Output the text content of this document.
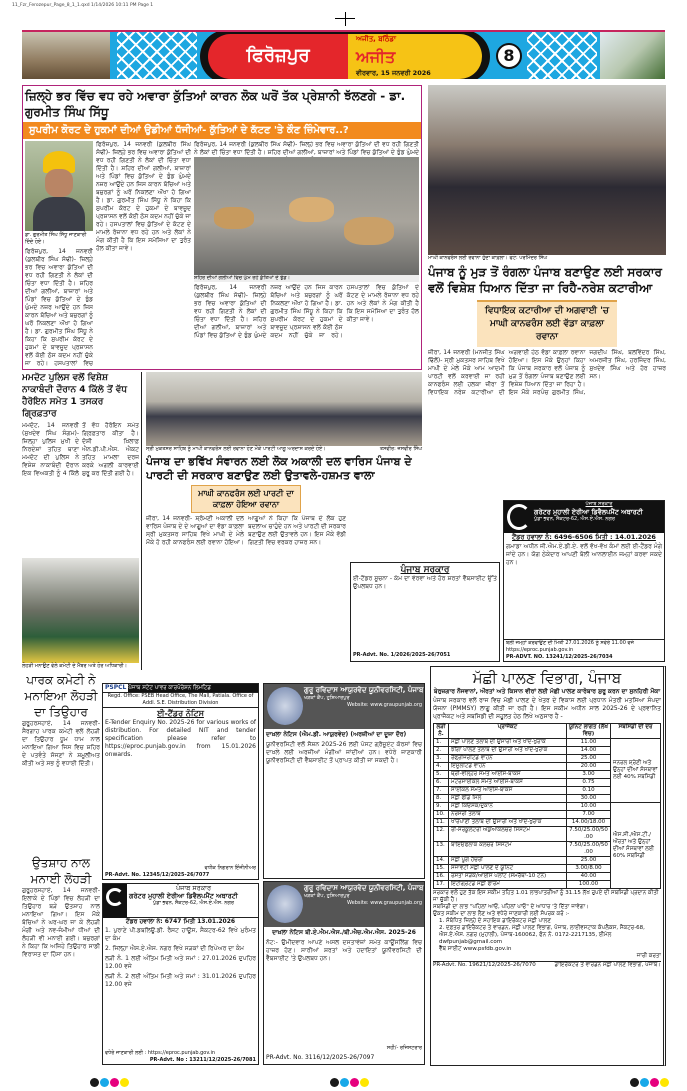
11_Fzr_Ferozepur_Page_8_1_1.qxd 1/14/2026 10:11 PM Page 1
ਫਿਰੋਜ਼ਪੁਰ
ਅਜੀਤ, ਬਠਿੰਡਾ
ਅਜੀਤ
ਵੀਰਵਾਰ, 15 ਜਨਵਰੀ 2026
8
ਜ਼ਿਲ੍ਹੇ ਭਰ ਵਿੱਚ ਵਧ ਰਹੇ ਅਵਾਰਾ ਕੁੱਤਿਆਂ ਕਾਰਨ ਲੋਕ ਘਰੋਂ ਤੱਕ ਪ੍ਰੇਸ਼ਾਨੀ ਝੱਲਣਗੇ - ਡਾ. ਗੁਰਮੀਤ ਸਿੰਘ ਸਿੱਧੂ
ਸੁਪਰੀਮ ਕੋਰਟ ਦੇ ਹੁਕਮਾਂ ਦੀਆਂ ਉਡੀਆਂ ਧੱਜੀਆਂ- ਕੁੱਤਿਆਂ ਦੇ ਕੱਟਣ 'ਤੇ ਕੌਣ ਜ਼ਿੰਮੇਵਾਰ..?
ਡਾ. ਗੁਰਮੀਤ ਸਿੰਘ ਸਿੱਧੂ ਜਾਣਕਾਰੀ ਦਿੰਦੇ ਹੋਏ।
ਫਿਰੋਜ਼ਪੁਰ, 14 ਜਨਵਰੀ (ਕੁਲਬੀਰ ਸਿੰਘ ਸੋਢੀ)- ਜ਼ਿਲ੍ਹੇ ਭਰ ਵਿਚ ਅਵਾਰਾ ਕੁੱਤਿਆਂ ਦੀ ਵਧ ਰਹੀ ਗਿਣਤੀ ਨੇ ਲੋਕਾਂ ਦੀ ਚਿੰਤਾ ਵਧਾ ਦਿੱਤੀ ਹੈ। ਸ਼ਹਿਰ ਦੀਆਂ ਗਲੀਆਂ, ਬਾਜ਼ਾਰਾਂ ਅਤੇ ਪਿੰਡਾਂ ਵਿਚ ਕੁੱਤਿਆਂ ਦੇ ਝੁੰਡ ਘੁੰਮਦੇ ਨਜ਼ਰ ਆਉਂਦੇ ਹਨ ਜਿਸ ਕਾਰਨ ਬੱਚਿਆਂ ਅਤੇ ਬਜ਼ੁਰਗਾਂ ਨੂੰ ਘਰੋਂ ਨਿਕਲਣਾ ਔਖਾ ਹੋ ਗਿਆ ਹੈ। ਡਾ. ਗੁਰਮੀਤ ਸਿੰਘ ਸਿੱਧੂ ਨੇ ਕਿਹਾ ਕਿ ਸੁਪਰੀਮ ਕੋਰਟ ਦੇ ਹੁਕਮਾਂ ਦੇ ਬਾਵਜੂਦ ਪ੍ਰਸ਼ਾਸਨ ਵਲੋਂ ਕੋਈ ਠੋਸ ਕਦਮ ਨਹੀਂ ਚੁੱਕੇ ਜਾ ਰਹੇ। ਹਸਪਤਾਲਾਂ ਵਿਚ
ਫਿਰੋਜ਼ਪੁਰ, 14 ਜਨਵਰੀ (ਕੁਲਬੀਰ ਸਿੰਘ ਸੋਢੀ)- ਜ਼ਿਲ੍ਹੇ ਭਰ ਵਿਚ ਅਵਾਰਾ ਕੁੱਤਿਆਂ ਦੀ ਵਧ ਰਹੀ ਗਿਣਤੀ ਨੇ ਲੋਕਾਂ ਦੀ ਚਿੰਤਾ ਵਧਾ ਦਿੱਤੀ ਹੈ। ਸ਼ਹਿਰ ਦੀਆਂ ਗਲੀਆਂ, ਬਾਜ਼ਾਰਾਂ ਅਤੇ ਪਿੰਡਾਂ ਵਿਚ ਕੁੱਤਿਆਂ ਦੇ ਝੁੰਡ ਘੁੰਮਦੇ ਨਜ਼ਰ ਆਉਂਦੇ ਹਨ ਜਿਸ ਕਾਰਨ ਬੱਚਿਆਂ ਅਤੇ ਬਜ਼ੁਰਗਾਂ ਨੂੰ ਘਰੋਂ ਨਿਕਲਣਾ ਔਖਾ ਹੋ ਗਿਆ ਹੈ। ਡਾ. ਗੁਰਮੀਤ ਸਿੰਘ ਸਿੱਧੂ ਨੇ ਕਿਹਾ ਕਿ ਸੁਪਰੀਮ ਕੋਰਟ ਦੇ ਹੁਕਮਾਂ ਦੇ ਬਾਵਜੂਦ ਪ੍ਰਸ਼ਾਸਨ ਵਲੋਂ ਕੋਈ ਠੋਸ ਕਦਮ ਨਹੀਂ ਚੁੱਕੇ ਜਾ ਰਹੇ। ਹਸਪਤਾਲਾਂ ਵਿਚ ਕੁੱਤਿਆਂ ਦੇ ਕੱਟਣ ਦੇ ਮਾਮਲੇ ਰੋਜ਼ਾਨਾ ਵਧ ਰਹੇ ਹਨ ਅਤੇ ਲੋਕਾਂ ਨੇ ਮੰਗ ਕੀਤੀ ਹੈ ਕਿ ਇਸ ਸਮੱਸਿਆ ਦਾ ਤੁਰੰਤ ਹੱਲ ਕੀਤਾ ਜਾਵੇ।
ਫਿਰੋਜ਼ਪੁਰ, 14 ਜਨਵਰੀ (ਕੁਲਬੀਰ ਸਿੰਘ ਸੋਢੀ)- ਜ਼ਿਲ੍ਹੇ ਭਰ ਵਿਚ ਅਵਾਰਾ ਕੁੱਤਿਆਂ ਦੀ ਵਧ ਰਹੀ ਗਿਣਤੀ ਨੇ ਲੋਕਾਂ ਦੀ ਚਿੰਤਾ ਵਧਾ ਦਿੱਤੀ ਹੈ। ਸ਼ਹਿਰ ਦੀਆਂ ਗਲੀਆਂ, ਬਾਜ਼ਾਰਾਂ ਅਤੇ ਪਿੰਡਾਂ ਵਿਚ ਕੁੱਤਿਆਂ ਦੇ ਝੁੰਡ ਘੁੰਮਦੇ
ਸ਼ਹਿਰ ਦੀਆਂ ਗਲੀਆਂ ਵਿਚ ਘੁੰਮ ਰਹੇ ਕੁੱਤਿਆਂ ਦੇ ਝੁੰਡ।
ਫਿਰੋਜ਼ਪੁਰ, 14 ਜਨਵਰੀ (ਕੁਲਬੀਰ ਸਿੰਘ ਸੋਢੀ)- ਜ਼ਿਲ੍ਹੇ ਭਰ ਵਿਚ ਅਵਾਰਾ ਕੁੱਤਿਆਂ ਦੀ ਵਧ ਰਹੀ ਗਿਣਤੀ ਨੇ ਲੋਕਾਂ ਦੀ ਚਿੰਤਾ ਵਧਾ ਦਿੱਤੀ ਹੈ। ਸ਼ਹਿਰ ਦੀਆਂ ਗਲੀਆਂ, ਬਾਜ਼ਾਰਾਂ ਅਤੇ ਪਿੰਡਾਂ ਵਿਚ ਕੁੱਤਿਆਂ ਦੇ ਝੁੰਡ ਘੁੰਮਦੇ ਨਜ਼ਰ ਆਉਂਦੇ ਹਨ ਜਿਸ ਕਾਰਨ ਬੱਚਿਆਂ ਅਤੇ ਬਜ਼ੁਰਗਾਂ ਨੂੰ ਘਰੋਂ ਨਿਕਲਣਾ ਔਖਾ ਹੋ ਗਿਆ ਹੈ। ਡਾ. ਗੁਰਮੀਤ ਸਿੰਘ ਸਿੱਧੂ ਨੇ ਕਿਹਾ ਕਿ ਸੁਪਰੀਮ ਕੋਰਟ ਦੇ ਹੁਕਮਾਂ ਦੇ ਬਾਵਜੂਦ ਪ੍ਰਸ਼ਾਸਨ ਵਲੋਂ ਕੋਈ ਠੋਸ ਕਦਮ ਨਹੀਂ ਚੁੱਕੇ ਜਾ ਰਹੇ। ਹਸਪਤਾਲਾਂ ਵਿਚ ਕੁੱਤਿਆਂ ਦੇ ਕੱਟਣ ਦੇ ਮਾਮਲੇ ਰੋਜ਼ਾਨਾ ਵਧ ਰਹੇ ਹਨ ਅਤੇ ਲੋਕਾਂ ਨੇ ਮੰਗ ਕੀਤੀ ਹੈ ਕਿ ਇਸ ਸਮੱਸਿਆ ਦਾ ਤੁਰੰਤ ਹੱਲ ਕੀਤਾ ਜਾਵੇ।
ਮਾਘੀ ਕਾਨਫਰੰਸ ਲਈ ਰਵਾਨਾ ਹੁੰਦਾ ਕਾਫ਼ਲਾ। ਫੋਟੋ: ਪਰਮਿੰਦਰ ਸਿੰਘ
ਪੰਜਾਬ ਨੂੰ ਮੁੜ ਤੋਂ ਰੰਗਲਾ ਪੰਜਾਬ ਬਣਾਉਣ ਲਈ ਸਰਕਾਰ ਵਲੋਂ ਵਿਸ਼ੇਸ਼ ਧਿਆਨ ਦਿੱਤਾ ਜਾ ਰਿਹੈ-ਨਰੇਸ਼ ਕਟਾਰੀਆ
ਵਿਧਾਇਕ ਕਟਾਰੀਆ ਦੀ ਅਗਵਾਈ 'ਚ ਮਾਘੀ ਕਾਨਫਰੰਸ ਲਈ ਵੱਡਾ ਕਾਫ਼ਲਾ ਰਵਾਨਾ
ਜ਼ੀਰਾ, 14 ਜਨਵਰੀ (ਮਨਜੀਤ ਸਿੰਘ ਢਿੱਲੋਂ)- ਸ੍ਰੀ ਮੁਕਤਸਰ ਸਾਹਿਬ ਵਿਖੇ ਮਾਘੀ ਦੇ ਮੇਲੇ ਮੌਕੇ ਆਮ ਆਦਮੀ ਪਾਰਟੀ ਵਲੋਂ ਕਰਵਾਈ ਜਾ ਰਹੀ ਕਾਨਫਰੰਸ ਲਈ ਹਲਕਾ ਜ਼ੀਰਾ ਤੋਂ ਵਿਧਾਇਕ ਨਰੇਸ਼ ਕਟਾਰੀਆ ਦੀ ਅਗਵਾਈ ਹੇਠ ਵੱਡਾ ਕਾਫ਼ਲਾ ਰਵਾਨਾ ਹੋਇਆ। ਇਸ ਮੌਕੇ ਉਨ੍ਹਾਂ ਕਿਹਾ ਕਿ ਪੰਜਾਬ ਸਰਕਾਰ ਵਲੋਂ ਪੰਜਾਬ ਨੂੰ ਮੁੜ ਤੋਂ ਰੰਗਲਾ ਪੰਜਾਬ ਬਣਾਉਣ ਲਈ ਵਿਸ਼ੇਸ਼ ਧਿਆਨ ਦਿੱਤਾ ਜਾ ਰਿਹਾ ਹੈ। ਇਸ ਮੌਕੇ ਸਰਪੰਚ ਗੁਰਮੀਤ ਸਿੰਘ, ਜਗਦੀਪ ਸਿੰਘ, ਬਲਵਿੰਦਰ ਸਿੰਘ, ਅਮਰਜੀਤ ਸਿੰਘ, ਹਰਜਿੰਦਰ ਸਿੰਘ, ਸੁਖਦੇਵ ਸਿੰਘ ਅਤੇ ਹੋਰ ਹਾਜ਼ਰ ਸਨ।
ਮਮਦੋਟ ਪੁਲਿਸ ਵਲੋਂ ਵਿਸ਼ੇਸ਼ ਨਾਕਾਬੰਦੀ ਦੌਰਾਨ 4 ਕਿੱਲੋ ਤੋਂ ਵੱਧ ਹੈਰੋਇਨ ਸਮੇਤ 1 ਤਸਕਰ ਗ੍ਰਿਫ਼ਤਾਰ
ਮਮਦੋਟ, 14 ਜਨਵਰੀ (ਸੁਖਦੇਵ ਸਿੰਘ ਸੰਗਮ)- ਜ਼ਿਲ੍ਹਾ ਪੁਲਿਸ ਮੁਖੀ ਦੇ ਨਿਰਦੇਸ਼ਾਂ ਤਹਿਤ ਥਾਣਾ ਮਮਦੋਟ ਦੀ ਪੁਲਿਸ ਨੇ ਵਿਸ਼ੇਸ਼ ਨਾਕਾਬੰਦੀ ਦੌਰਾਨ ਇਕ ਵਿਅਕਤੀ ਨੂੰ 4 ਕਿੱਲੋ ਤੋਂ ਵੱਧ ਹੈਰੋਇਨ ਸਮੇਤ ਗ੍ਰਿਫ਼ਤਾਰ ਕੀਤਾ ਹੈ। ਦੋਸ਼ੀ ਖ਼ਿਲਾਫ਼ ਐਨ.ਡੀ.ਪੀ.ਐਸ. ਐਕਟ ਤਹਿਤ ਮਾਮਲਾ ਦਰਜ ਕਰਕੇ ਅਗਲੀ ਕਾਰਵਾਈ ਸ਼ੁਰੂ ਕਰ ਦਿੱਤੀ ਗਈ ਹੈ।
ਲੋਹੜੀ ਮਨਾਉਣ ਵੇਲੇ ਕਮੇਟੀ ਦੇ ਮੈਂਬਰ ਅਤੇ ਹੋਰ ਅਧਿਕਾਰੀ।
ਸ੍ਰੀ ਮੁਕਤਸਰ ਸਾਹਿਬ ਨੂੰ ਮਾਘੀ ਕਾਨਫਰੰਸ ਲਈ ਰਵਾਨਾ ਹੋਣ ਮੌਕੇ ਪਾਰਟੀ ਆਗੂ ਅਰਦਾਸ ਕਰਦੇ ਹੋਏ।	ਤਸਵੀਰ: ਜਸਵੀਰ ਸਿੰਘ
ਪੰਜਾਬ ਦਾ ਭਵਿੱਖ ਸੰਵਾਰਨ ਲਈ ਲੋਕ ਅਕਾਲੀ ਦਲ ਵਾਰਿਸ ਪੰਜਾਬ ਦੇ ਪਾਰਟੀ ਦੀ ਸਰਕਾਰ ਬਣਾਉਣ ਲਈ ਉਤਾਵਲੇ-ਹਸ਼ਮਤ ਵਾਲਾ
ਮਾਘੀ ਕਾਨਫਰੰਸ ਲਈ ਪਾਰਟੀ ਦਾ ਕਾਫ਼ਲਾ ਹੋਇਆ ਰਵਾਨਾ
ਜ਼ੀਰਾ, 14 ਜਨਵਰੀ- ਸ਼੍ਰੋਮਣੀ ਅਕਾਲੀ ਦਲ ਵਾਰਿਸ ਪੰਜਾਬ ਦੇ ਦੇ ਆਗੂਆਂ ਦਾ ਵੱਡਾ ਕਾਫ਼ਲਾ ਸ੍ਰੀ ਮੁਕਤਸਰ ਸਾਹਿਬ ਵਿਖੇ ਮਾਘੀ ਦੇ ਮੇਲੇ ਮੌਕੇ ਹੋ ਰਹੀ ਕਾਨਫਰੰਸ ਲਈ ਰਵਾਨਾ ਹੋਇਆ। ਆਗੂਆਂ ਨੇ ਕਿਹਾ ਕਿ ਪੰਜਾਬ ਦੇ ਲੋਕ ਹੁਣ ਬਦਲਾਅ ਚਾਹੁੰਦੇ ਹਨ ਅਤੇ ਪਾਰਟੀ ਦੀ ਸਰਕਾਰ ਬਣਾਉਣ ਲਈ ਉਤਾਵਲੇ ਹਨ। ਇਸ ਮੌਕੇ ਵੱਡੀ ਗਿਣਤੀ ਵਿਚ ਵਰਕਰ ਹਾਜ਼ਰ ਸਨ।
ਪੰਜਾਬ ਸਰਕਾਰ
ਈ-ਟੈਂਡਰ ਸੂਚਨਾ - ਕੰਮ ਦਾ ਵੇਰਵਾ ਅਤੇ ਹੋਰ ਸ਼ਰਤਾਂ ਵੈੱਬਸਾਈਟ ਉੱਤੇ ਉਪਲਬਧ ਹਨ।
PR-Advt. No. 1/2026/2025-26/7051
ਪੰਜਾਬ ਸਰਕਾਰ
ਗਰੇਟਰ ਮੁਹਾਲੀ ਏਰੀਆ ਡਿਵੈਲਪਮੈਂਟ ਅਥਾਰਟੀ
ਪੁੱਡਾ ਭਵਨ, ਸੈਕਟਰ-62, ਐਸ.ਏ.ਐਸ. ਨਗਰ
ਟੈਂਡਰ ਹਵਾਲਾ ਨੰ: 6496-6506 ਮਿਤੀ : 14.01.2026
ਗਮਾਡਾ ਅਧੀਨ ਜੀ.ਐਮ.ਏ.ਡੀ.ਏ. ਵਲੋਂ ਵੱਖ-ਵੱਖ ਕੰਮਾਂ ਲਈ ਈ-ਟੈਂਡਰ ਮੰਗੇ ਜਾਂਦੇ ਹਨ। ਯੋਗ ਠੇਕੇਦਾਰ ਆਪਣੀ ਬੋਲੀ ਆਨਲਾਈਨ ਜਮ੍ਹਾਂ ਕਰਵਾ ਸਕਦੇ ਹਨ।
ਬੋਲੀ ਜਮ੍ਹਾਂ ਕਰਵਾਉਣ ਦੀ ਮਿਤੀ 27.01.2026 ਨੂੰ ਸਵੇਰੇ 11.00 ਵਜੇ
https://eproc.punjab.gov.in
PR-ADVT. NO. 13241/12/2025-26/7034
ਪਾਰਕ ਕਮੇਟੀ ਨੇ ਮਨਾਇਆ ਲੋਹੜੀ ਦਾ ਤਿਉਹਾਰ
ਗੁਰੂਹਰਸਹਾਏ, 14 ਜਨਵਰੀ- ਸੈਰਗਾਹ ਪਾਰਕ ਕਮੇਟੀ ਵਲੋਂ ਲੋਹੜੀ ਦਾ ਤਿਉਹਾਰ ਧੂਮ ਧਾਮ ਨਾਲ ਮਨਾਇਆ ਗਿਆ ਜਿਸ ਵਿਚ ਸ਼ਹਿਰ ਦੇ ਪਤਵੰਤੇ ਸੱਜਣਾਂ ਨੇ ਸ਼ਮੂਲੀਅਤ ਕੀਤੀ ਅਤੇ ਸਭ ਨੂੰ ਵਧਾਈ ਦਿੱਤੀ।
ਉਤਸ਼ਾਹ ਨਾਲ ਮਨਾਈ ਲੋਹੜੀ
ਗੁਰੂਹਰਸਹਾਏ, 14 ਜਨਵਰੀ- ਇਲਾਕੇ ਦੇ ਪਿੰਡਾਂ ਵਿਚ ਲੋਹੜੀ ਦਾ ਤਿਉਹਾਰ ਬੜੇ ਉਤਸ਼ਾਹ ਨਾਲ ਮਨਾਇਆ ਗਿਆ। ਇਸ ਮੌਕੇ ਬੱਚਿਆਂ ਨੇ ਘਰ-ਘਰ ਜਾ ਕੇ ਲੋਹੜੀ ਮੰਗੀ ਅਤੇ ਨਵ-ਜੰਮੀਆਂ ਧੀਆਂ ਦੀ ਲੋਹੜੀ ਵੀ ਮਨਾਈ ਗਈ। ਬਜ਼ੁਰਗਾਂ ਨੇ ਕਿਹਾ ਕਿ ਅਜਿਹੇ ਤਿਉਹਾਰ ਸਾਡੀ ਵਿਰਾਸਤ ਦਾ ਹਿੱਸਾ ਹਨ।
PSPCL ਪੰਜਾਬ ਸਟੇਟ ਪਾਵਰ ਕਾਰਪੋਰੇਸ਼ਨ ਲਿਮਟਿਡ
Regd. Office: PSEB Head Office, The Mall, Patiala. Office of Addl. S.E. Distribution Division
ਈ-ਟੈਂਡਰ ਨੋਟਿਸ
E-Tender Enquiry No. 2025-26 for various works of distribution. For detailed NIT and tender specification please refer to https://eproc.punjab.gov.in from 15.01.2026 onwards.
ਵਧੀਕ ਨਿਗਰਾਨ ਇੰਜੀਨੀਅਰ
PR-Advt. No. 12345/12/2025-26/7077
ਪੰਜਾਬ ਸਰਕਾਰ
ਗਰੇਟਰ ਮੁਹਾਲੀ ਏਰੀਆ ਡਿਵੈਲਪਮੈਂਟ ਅਥਾਰਟੀ
ਪੁੱਡਾ ਭਵਨ, ਸੈਕਟਰ-62, ਐਸ.ਏ.ਐਸ. ਨਗਰ
ਟੈਂਡਰ ਹਵਾਲਾ ਨੰ: 6747 ਮਿਤੀ 13.01.2026
1. ਪੁਰਾਣੇ ਪੀ.ਡਬਲਿਊ.ਡੀ. ਰੈਸਟ ਹਾਊਸ, ਸੈਕਟਰ-62 ਵਿਖੇ ਮੁਰੰਮਤ ਦਾ ਕੰਮ
2. ਜਿਲ੍ਹਾ ਐਸ.ਏ.ਐਸ. ਨਗਰ ਵਿਖੇ ਸੜਕਾਂ ਦੀ ਰਿਪੇਅਰ ਦਾ ਕੰਮ
ਲੜੀ ਨੰ. 1 ਲਈ ਅੰਤਿਮ ਮਿਤੀ ਅਤੇ ਸਮਾਂ : 27.01.2026 ਦੁਪਹਿਰ 12.00 ਵਜੇ
ਲੜੀ ਨੰ. 2 ਲਈ ਅੰਤਿਮ ਮਿਤੀ ਅਤੇ ਸਮਾਂ : 31.01.2026 ਦੁਪਹਿਰ 12.00 ਵਜੇ
ਵਧੇਰੇ ਜਾਣਕਾਰੀ ਲਈ : https://eproc.punjab.gov.in
PR-Advt. No : 13211/12/2025-26/7081
ਗੁਰੂ ਰਵਿਦਾਸ ਆਯੁਰਵੇਦ ਯੂਨੀਵਰਸਿਟੀ, ਪੰਜਾਬ
ਖੜਕਾਂ ਕੈਂਪ, ਹੁਸ਼ਿਆਰਪੁਰ
Website: www.graupunjab.org
ਦਾਖ਼ਲਾ ਨੋਟਿਸ (ਐਮ.ਡੀ. ਆਯੁਰਵੇਦ) (ਅਰਜ਼ੀਆਂ ਦਾ ਦੂਜਾ ਦੌਰ)
ਯੂਨੀਵਰਸਿਟੀ ਵਲੋਂ ਸੈਸ਼ਨ 2025-26 ਲਈ ਪੋਸਟ ਗ੍ਰੈਜੂਏਟ ਕੋਰਸਾਂ ਵਿਚ ਦਾਖ਼ਲੇ ਲਈ ਅਰਜ਼ੀਆਂ ਮੰਗੀਆਂ ਜਾਂਦੀਆਂ ਹਨ। ਵਧੇਰੇ ਜਾਣਕਾਰੀ ਯੂਨੀਵਰਸਿਟੀ ਦੀ ਵੈੱਬਸਾਈਟ ਤੋਂ ਪ੍ਰਾਪਤ ਕੀਤੀ ਜਾ ਸਕਦੀ ਹੈ।
ਗੁਰੂ ਰਵਿਦਾਸ ਆਯੁਰਵੇਦ ਯੂਨੀਵਰਸਿਟੀ, ਪੰਜਾਬ
ਖੜਕਾਂ ਕੈਂਪ, ਹੁਸ਼ਿਆਰਪੁਰ
Website: www.graupunjab.org
ਦਾਖ਼ਲਾ ਨੋਟਿਸ ਬੀ.ਏ.ਐਮ.ਐਸ./ਬੀ.ਐਚ.ਐਮ.ਐਸ. 2025-26
ਨੋਟ:- ਉਮੀਦਵਾਰ ਆਪਣੇ ਅਸਲ ਦਸਤਾਵੇਜ਼ਾਂ ਸਮੇਤ ਕਾਊਂਸਲਿੰਗ ਵਿਚ ਹਾਜ਼ਰ ਹੋਣ। ਸਾਰੀਆਂ ਸ਼ਰਤਾਂ ਅਤੇ ਹਦਾਇਤਾਂ ਯੂਨੀਵਰਸਿਟੀ ਦੀ ਵੈੱਬਸਾਈਟ 'ਤੇ ਉਪਲਬਧ ਹਨ।
ਸਹੀ/- ਰਜਿਸਟਰਾਰ
PR-Advt. No. 3116/12/2025-26/7097
ਮੱਛੀ ਪਾਲਣ ਵਿਭਾਗ, ਪੰਜਾਬ
ਬੇਰੁਜ਼ਗਾਰ ਨੌਜਵਾਨਾਂ, ਔਰਤਾਂ ਅਤੇ ਕਿਸਾਨ ਵੀਰਾਂ ਲਈ ਮੱਛੀ ਪਾਲਣ ਕਾਰੋਬਾਰ ਸ਼ੁਰੂ ਕਰਨ ਦਾ ਸੁਨਹਿਰੀ ਮੌਕਾ
ਪੰਜਾਬ ਸਰਕਾਰ ਵਲੋਂ ਰਾਜ ਵਿਚ ਮੱਛੀ ਪਾਲਣ ਦੇ ਖੇਤਰ ਦੇ ਵਿਕਾਸ ਲਈ ਪ੍ਰਧਾਨ ਮੰਤਰੀ ਮਤਸਿਆ ਸੰਪਦਾ ਯੋਜਨਾ (PMMSY) ਲਾਗੂ ਕੀਤੀ ਜਾ ਰਹੀ ਹੈ। ਇਸ ਸਕੀਮ ਅਧੀਨ ਸਾਲ 2025-26 ਦੇ ਪ੍ਰਵਾਨਿਤ ਪ੍ਰਾਜੈਕਟ ਅਤੇ ਸਬਸਿਡੀ ਦੀ ਸਹੂਲਤ ਹੇਠ ਲਿਖੇ ਅਨੁਸਾਰ ਹੈ -
ਲੜੀ ਨੰ.	ਪ੍ਰਾਜੈਕਟ	ਯੂਨਿਟ ਲਾਗਤ (ਲੱਖ ਵਿਚ)	ਸਬਸਿਡੀ ਦੀ ਦਰ
1.	ਮੱਛੀ ਪਾਲਣ ਤਲਾਬ ਦੀ ਉਸਾਰੀ ਅਤੇ ਖਾਦ-ਖੁਰਾਕ	11.00	ਜਨਰਲ ਸ਼੍ਰੇਣੀ ਅਤੇ ਉਨ੍ਹਾਂ ਦੀਆਂ ਸੰਸਥਾਵਾਂ ਲਈ 40% ਸਬਸਿਡੀ
2.	ਝੀਂਗਾ ਪਾਲਣ ਤਲਾਬ ਦੀ ਉਸਾਰੀ ਅਤੇ ਖਾਦ-ਖੁਰਾਕ	14.00	
3.	ਰੈਫ੍ਰੀਜਰੇਟਿਡ ਵਾਹਨ	25.00	
4.	ਇੰਸੂਲੇਟਿਡ ਵਾਹਨ	20.00	
5.	ਥ੍ਰੀ-ਵੀਲ੍ਹਰ ਸਮੇਤ ਆਈਸ-ਬਾਕਸ	3.00	
6.	ਮੋਟਰਸਾਈਕਲ ਸਮੇਤ ਆਈਸ-ਬਾਕਸ	0.75	
7.	ਸਾਈਕਲ ਸਮੇਤ ਆਈਸ-ਬਾਕਸ	0.10	
8.	ਮੱਛੀ ਫੀਡ ਮਿੱਲ	30.00	
9.	ਮੱਛੀ ਕਿਓਸਕ/ਦੁਕਾਨ	10.00	ਐਸ.ਸੀ./ਐਸ.ਟੀ./ਔਰਤਾਂ ਅਤੇ ਉਨ੍ਹਾਂ ਦੀਆਂ ਸੰਸਥਾਵਾਂ ਲਈ 60% ਸਬਸਿਡੀ
10.	ਨਰਸਰੀ ਤਲਾਬ	7.00	
11.	ਖਾਰੇਪਾਣੀ ਤਲਾਬ ਦੀ ਉਸਾਰੀ ਅਤੇ ਖਾਦ-ਖੁਰਾਕ	14.00/18.00	
12.	ਰੀ-ਸਰਕੂਲੇਟਰੀ ਐਕੁਆਕਲਚਰ ਸਿਸਟਮ	7.50/25.00/50.00	
13.	ਬਾਇਓਫਲਾਕ ਕਲਚਰ ਸਿਸਟਮ	7.50/25.00/50.00	
14.	ਮੱਛੀ ਪੂੰਗ ਹੈਚਰੀ	25.00	
15.	ਸਜਾਵਟੀ ਮੱਛੀ ਪਾਲਣ ਦੇ ਯੂਨਿਟ	3.00/8.00	
16.	ਰਸਤਾ ਸੜਕ/ਆਈਸ ਪਲਾਂਟ (ਸਮਰੱਥਾ-10 ਟਨ)	40.00	
17.	ਇੰਟੀਗ੍ਰੇਟਡ ਮੱਛੀ ਫਾਰਮ	100.00	
ਸਰਕਾਰ ਵਲੋਂ ਹੁਣ ਤੱਕ ਇਸ ਸਕੀਮ ਤਹਿਤ 1.01 ਲਾਭਪਾਤਰੀਆਂ ਨੂੰ 31.15 ਲੱਖ ਰੁਪਏ ਦੀ ਸਬਸਿਡੀ ਪ੍ਰਦਾਨ ਕੀਤੀ ਜਾ ਚੁੱਕੀ ਹੈ।
ਸਬਸਿਡੀ ਦਾ ਲਾਭ "ਪਹਿਲਾਂ ਆਓ, ਪਹਿਲਾਂ ਪਾਓ" ਦੇ ਆਧਾਰ 'ਤੇ ਦਿੱਤਾ ਜਾਵੇਗਾ।
ਉਕਤ ਸਕੀਮ ਦਾ ਲਾਭ ਲੈਣ ਅਤੇ ਵਧੇਰੇ ਜਾਣਕਾਰੀ ਲਈ ਸੰਪਰਕ ਕਰੋ :-
1. ਸੰਬੰਧਿਤ ਜ਼ਿਲ੍ਹੇ ਦੇ ਸਹਾਇਕ ਡਾਇਰੈਕਟਰ ਮੱਛੀ ਪਾਲਣ
2. ਦਫ਼ਤਰ ਡਾਇਰੈਕਟਰ ਤੇ ਵਾਰਡਨ, ਮੱਛੀ ਪਾਲਣ ਵਿਭਾਗ, ਪੰਜਾਬ, ਲਾਈਵਸਟਾਕ ਕੰਪਲੈਕਸ, ਸੈਕਟਰ-68, ਐਸ.ਏ.ਐਸ. ਨਗਰ (ਮੁਹਾਲੀ), ਪੰਜਾਬ-160062, ਫੋਨ ਨੰ. 0172-2217135, ਈਮੇਲ dwfpunjab@gmail.com
ਵੈੱਬ ਸਾਈਟ www.psfdb.gov.in
ਜਾਰੀ ਕਰਤਾ
PR-Advt. No. 19621/12/2025-26/7070	ਡਾਇਰੈਕਟਰ ਤੇ ਵਾਰਡਨ ਮੱਛੀ ਪਾਲਣ ਵਿਭਾਗ, ਪੰਜਾਬ।
